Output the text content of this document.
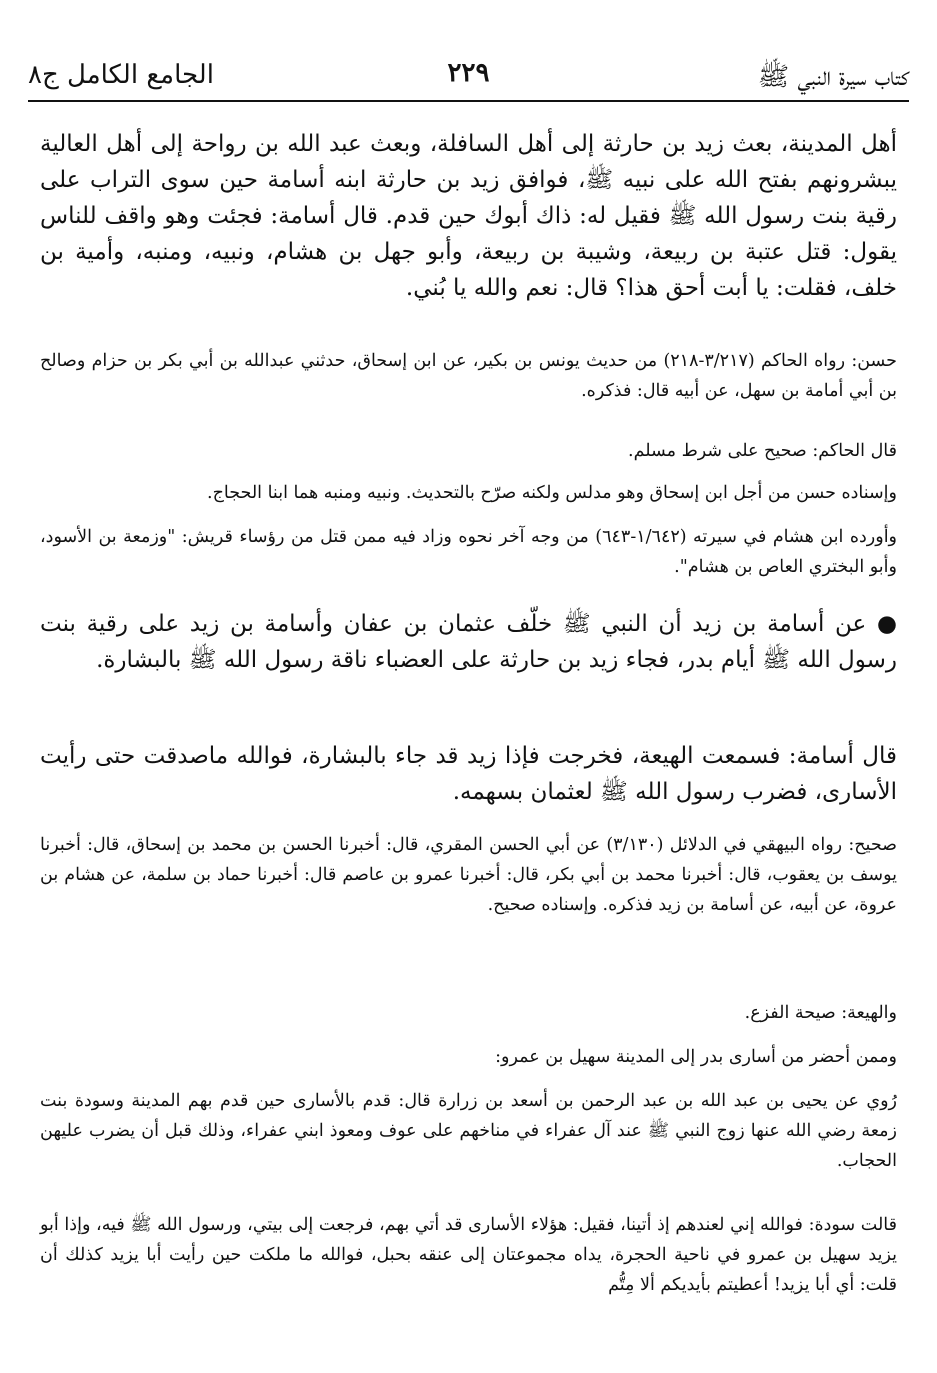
كتاب سيرة النبي ﷺ
٢٢٩
الجامع الكامل ج٨
أهل المدينة، بعث زيد بن حارثة إلى أهل السافلة، وبعث عبد الله بن رواحة إلى أهل العالية يبشرونهم بفتح الله على نبيه ﷺ، فوافق زيد بن حارثة ابنه أسامة حين سوى التراب على رقية بنت رسول الله ﷺ فقيل له: ذاك أبوك حين قدم. قال أسامة: فجئت وهو واقف للناس يقول: قتل عتبة بن ربيعة، وشيبة بن ربيعة، وأبو جهل بن هشام، ونبيه، ومنبه، وأمية بن خلف، فقلت: يا أبت أحق هذا؟ قال: نعم والله يا بُني.
حسن: رواه الحاكم (٣/٢١٧-٢١٨) من حديث يونس بن بكير، عن ابن إسحاق، حدثني عبدالله بن أبي بكر بن حزام وصالح بن أبي أمامة بن سهل، عن أبيه قال: فذكره.
قال الحاكم: صحيح على شرط مسلم.
وإسناده حسن من أجل ابن إسحاق وهو مدلس ولكنه صرّح بالتحديث. ونبيه ومنبه هما ابنا الحجاج.
وأورده ابن هشام في سيرته (١/٦٤٢-٦٤٣) من وجه آخر نحوه وزاد فيه ممن قتل من رؤساء قريش: "وزمعة بن الأسود، وأبو البختري العاص بن هشام".
● عن أسامة بن زيد أن النبي ﷺ خلّف عثمان بن عفان وأسامة بن زيد على رقية بنت رسول الله ﷺ أيام بدر، فجاء زيد بن حارثة على العضباء ناقة رسول الله ﷺ بالبشارة.
قال أسامة: فسمعت الهيعة، فخرجت فإذا زيد قد جاء بالبشارة، فوالله ماصدقت حتى رأيت الأسارى، فضرب رسول الله ﷺ لعثمان بسهمه.
صحيح: رواه البيهقي في الدلائل (٣/١٣٠) عن أبي الحسن المقري، قال: أخبرنا الحسن بن محمد بن إسحاق، قال: أخبرنا يوسف بن يعقوب، قال: أخبرنا محمد بن أبي بكر، قال: أخبرنا عمرو بن عاصم قال: أخبرنا حماد بن سلمة، عن هشام بن عروة، عن أبيه، عن أسامة بن زيد فذكره. وإسناده صحيح.
والهيعة: صيحة الفزع.
وممن أحضر من أسارى بدر إلى المدينة سهيل بن عمرو:
رُوي عن يحيى بن عبد الله بن عبد الرحمن بن أسعد بن زرارة قال: قدم بالأسارى حين قدم بهم المدينة وسودة بنت زمعة رضي الله عنها زوج النبي ﷺ عند آل عفراء في مناخهم على عوف ومعوذ ابني عفراء، وذلك قبل أن يضرب عليهن الحجاب.
قالت سودة: فوالله إني لعندهم إذ أتينا، فقيل: هؤلاء الأسارى قد أتي بهم، فرجعت إلى بيتي، ورسول الله ﷺ فيه، وإذا أبو يزيد سهيل بن عمرو في ناحية الحجرة، يداه مجموعتان إلى عنقه بحبل، فوالله ما ملكت حين رأيت أبا يزيد كذلك أن قلت: أي أبا يزيد! أعطيتم بأيديكم ألا مِتُّم
